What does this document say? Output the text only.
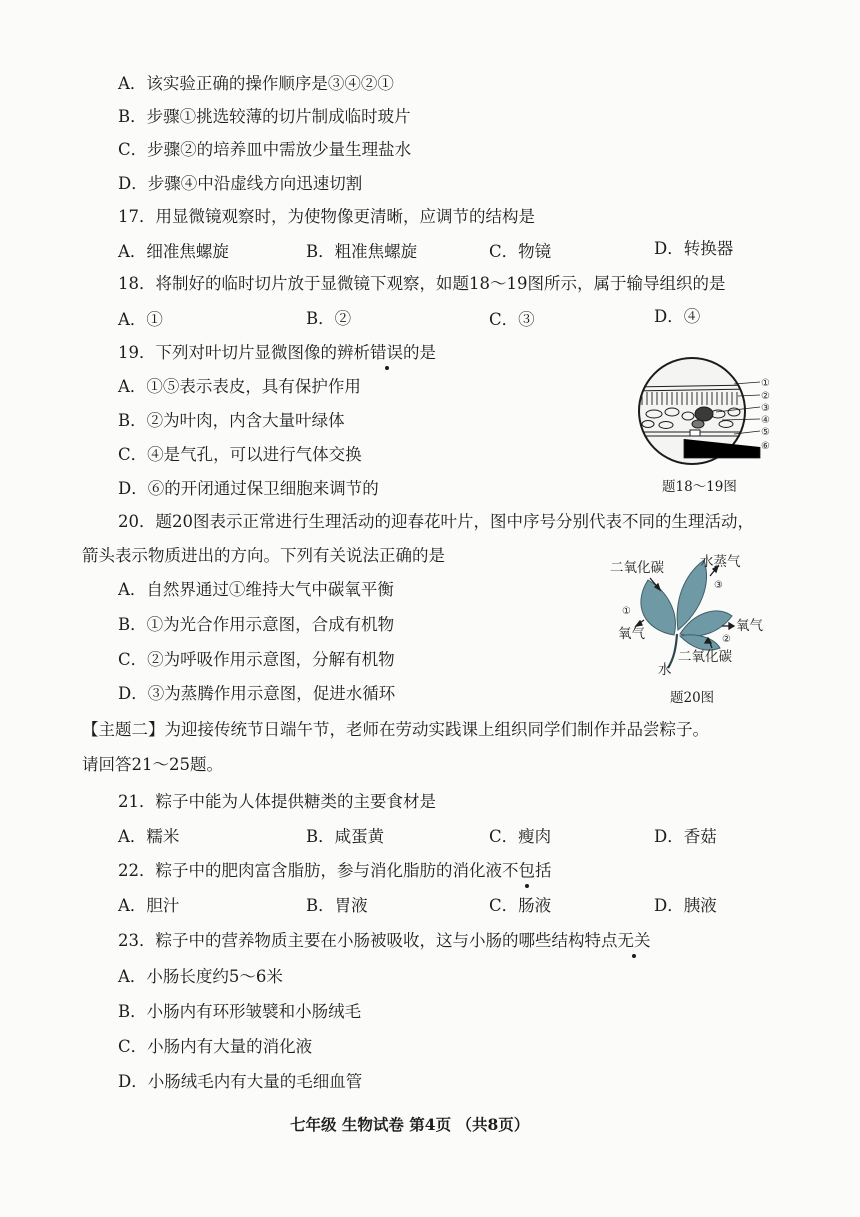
A．该实验正确的操作顺序是③④②①
B．步骤①挑选较薄的切片制成临时玻片
C．步骤②的培养皿中需放少量生理盐水
D．步骤④中沿虚线方向迅速切割
17．用显微镜观察时，为使物像更清晰，应调节的结构是
A．细准焦螺旋	B．粗准焦螺旋	C．物镜	D．转换器
18．将制好的临时切片放于显微镜下观察，如题18～19图所示，属于输导组织的是
A．①	B．②	C．③	D．④
19．下列对叶切片显微图像的辨析错误的是
A．①⑤表示表皮，具有保护作用
B．②为叶肉，内含大量叶绿体
C．④是气孔，可以进行气体交换
D．⑥的开闭通过保卫细胞来调节的
①
②
③
④
⑤
⑥
题18～19图
20．题20图表示正常进行生理活动的迎春花叶片，图中序号分别代表不同的生理活动，
箭头表示物质进出的方向。下列有关说法正确的是
A．自然界通过①维持大气中碳氧平衡
B．①为光合作用示意图，合成有机物
C．②为呼吸作用示意图，分解有机物
D．③为蒸腾作用示意图，促进水循环
二氧化碳	水蒸气
③
①
氧气	氧气
②
二氧化碳
水
题20图
【主题二】为迎接传统节日端午节，老师在劳动实践课上组织同学们制作并品尝粽子。
请回答21～25题。
21．粽子中能为人体提供糖类的主要食材是
A．糯米	B．咸蛋黄	C．瘦肉	D．香菇
22．粽子中的肥肉富含脂肪，参与消化脂肪的消化液不包括
A．胆汁	B．胃液	C．肠液	D．胰液
23．粽子中的营养物质主要在小肠被吸收，这与小肠的哪些结构特点无关
A．小肠长度约5～6米
B．小肠内有环形皱襞和小肠绒毛
C．小肠内有大量的消化液
D．小肠绒毛内有大量的毛细血管
七年级 生物试卷 第4页 （共8页）
